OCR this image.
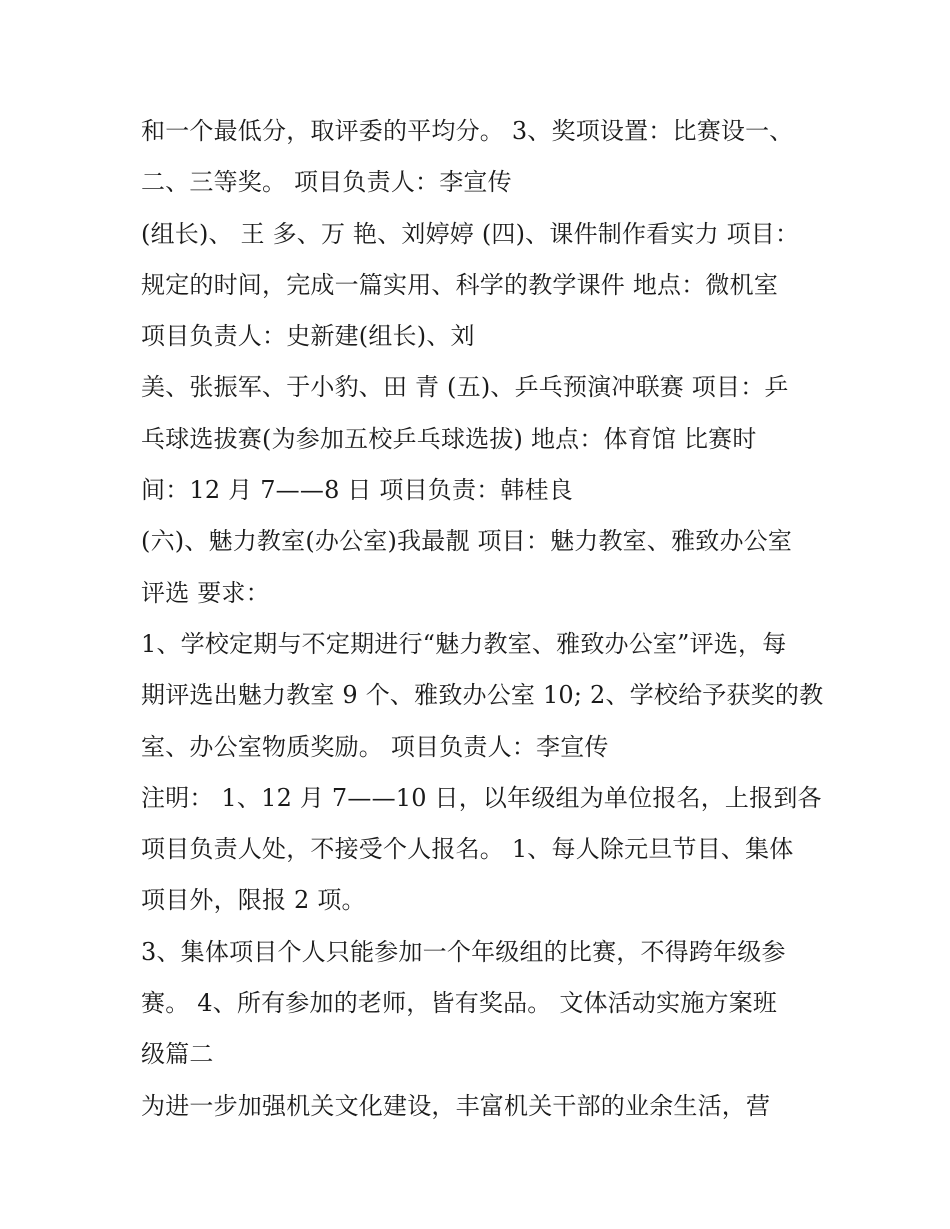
和一个最低分，取评委的平均分。 3、奖项设置：比赛设一、
二、三等奖。 项目负责人：李宣传
(组长)、 王 多、万 艳、刘婷婷 (四)、课件制作看实力 项目：
规定的时间，完成一篇实用、科学的教学课件 地点：微机室
项目负责人：史新建(组长)、刘
美、张振军、于小豹、田 青 (五)、乒乓预演冲联赛 项目：乒
乓球选拔赛(为参加五校乒乓球选拔) 地点：体育馆 比赛时
间：12 月 7——8 日 项目负责：韩桂良
(六)、魅力教室(办公室)我最靓 项目：魅力教室、雅致办公室
评选 要求：
1、学校定期与不定期进行“魅力教室、雅致办公室”评选，每
期评选出魅力教室 9 个、雅致办公室 10; 2、学校给予获奖的教
室、办公室物质奖励。 项目负责人：李宣传
注明： 1、12 月 7——10 日，以年级组为单位报名，上报到各
项目负责人处，不接受个人报名。 1、每人除元旦节目、集体
项目外，限报 2 项。
3、集体项目个人只能参加一个年级组的比赛，不得跨年级参
赛。 4、所有参加的老师，皆有奖品。 文体活动实施方案班
级篇二
为进一步加强机关文化建设，丰富机关干部的业余生活，营
